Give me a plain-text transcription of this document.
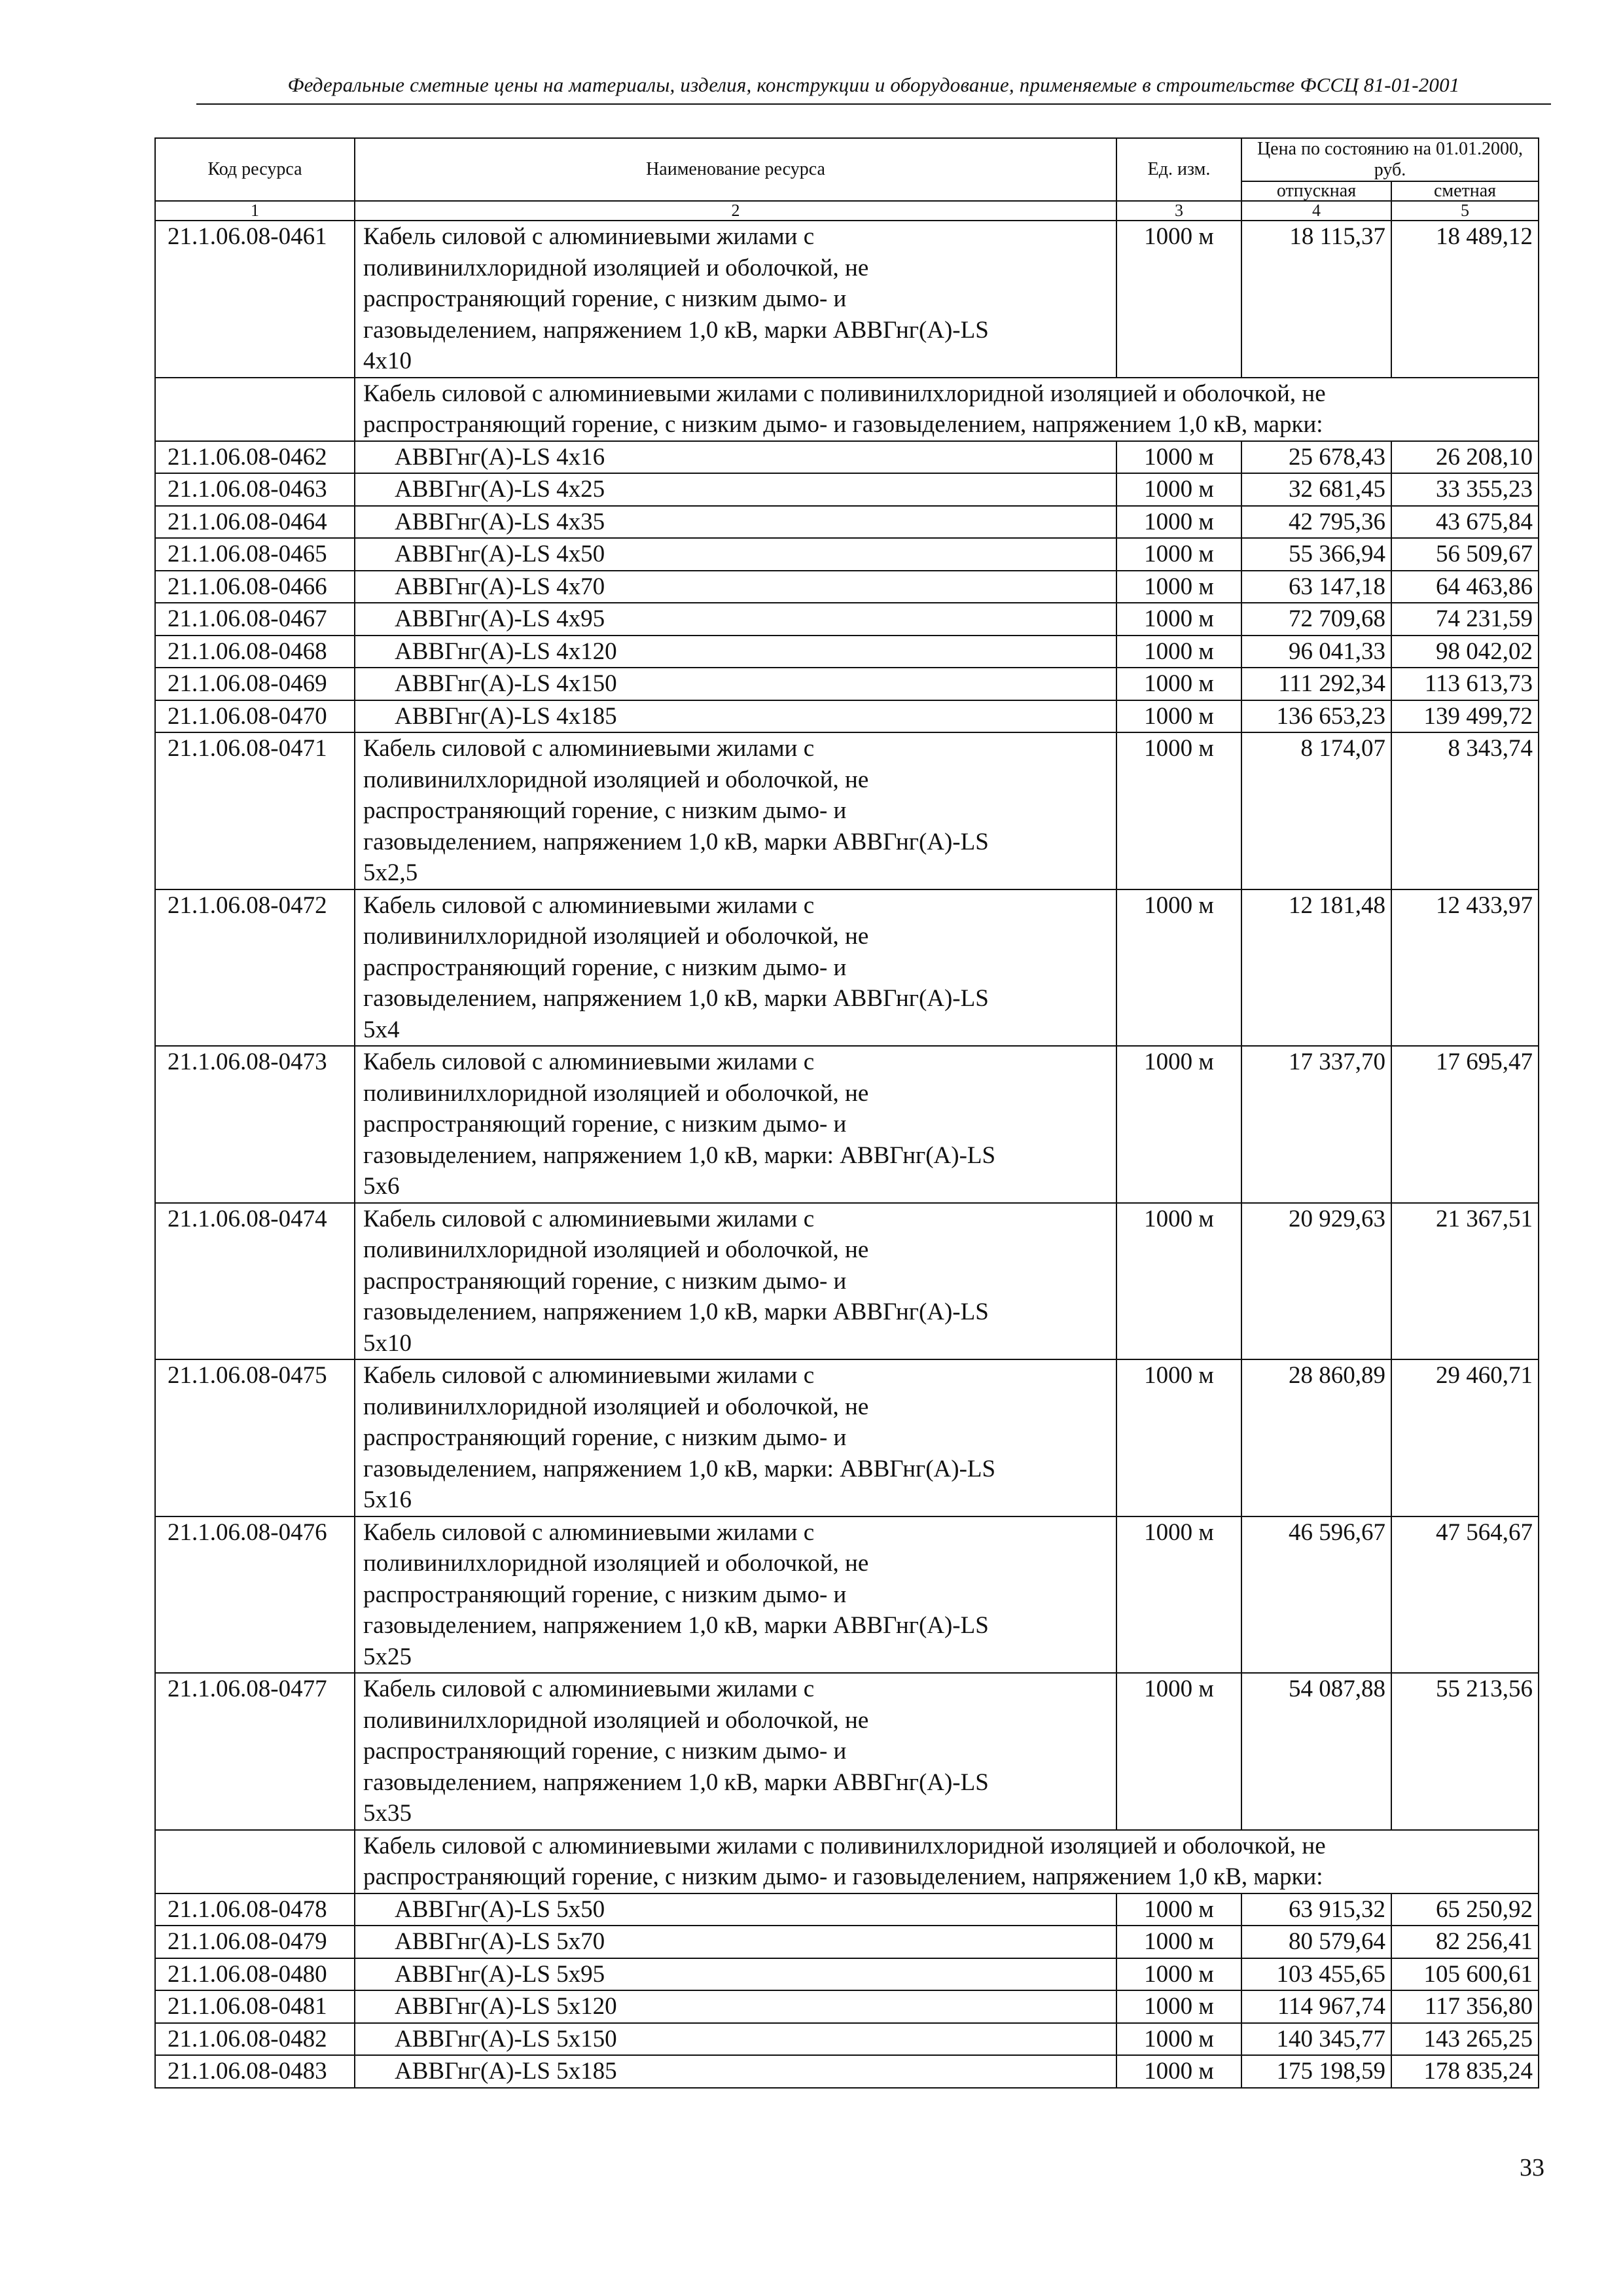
Федеральные сметные цены на материалы, изделия, конструкции и оборудование, применяемые в строительстве ФССЦ 81-01-2001
Код ресурса	Наименование ресурса	Ед. изм.	Цена по состоянию на 01.01.2000, руб.	
			отпускная	сметная
1	2	3	4	5
21.1.06.08-0461	Кабель силовой с алюминиевыми жилами с
поливинилхлоридной изоляцией и оболочкой, не
распространяющий горение, с низким дымо- и
газовыделением, напряжением 1,0 кВ, марки АВВГнг(А)-LS
4x10	1000 м	18 115,37	18 489,12

	Кабель силовой с алюминиевыми жилами с поливинилхлоридной изоляцией и оболочкой, не
распространяющий горение, с низким дымо- и газовыделением, напряжением 1,0 кВ, марки:			

21.1.06.08-0462	АВВГнг(А)-LS 4x16	1000 м	25 678,43	26 208,10
21.1.06.08-0463	АВВГнг(А)-LS 4x25	1000 м	32 681,45	33 355,23
21.1.06.08-0464	АВВГнг(А)-LS 4x35	1000 м	42 795,36	43 675,84
21.1.06.08-0465	АВВГнг(А)-LS 4x50	1000 м	55 366,94	56 509,67
21.1.06.08-0466	АВВГнг(А)-LS 4x70	1000 м	63 147,18	64 463,86
21.1.06.08-0467	АВВГнг(А)-LS 4x95	1000 м	72 709,68	74 231,59
21.1.06.08-0468	АВВГнг(А)-LS 4x120	1000 м	96 041,33	98 042,02
21.1.06.08-0469	АВВГнг(А)-LS 4x150	1000 м	111 292,34	113 613,73
21.1.06.08-0470	АВВГнг(А)-LS 4x185	1000 м	136 653,23	139 499,72
21.1.06.08-0471	Кабель силовой с алюминиевыми жилами с
поливинилхлоридной изоляцией и оболочкой, не
распространяющий горение, с низким дымо- и
газовыделением, напряжением 1,0 кВ, марки АВВГнг(А)-LS
5x2,5	1000 м	8 174,07	8 343,74
21.1.06.08-0472	Кабель силовой с алюминиевыми жилами с
поливинилхлоридной изоляцией и оболочкой, не
распространяющий горение, с низким дымо- и
газовыделением, напряжением 1,0 кВ, марки АВВГнг(А)-LS
5x4	1000 м	12 181,48	12 433,97
21.1.06.08-0473	Кабель силовой с алюминиевыми жилами с
поливинилхлоридной изоляцией и оболочкой, не
распространяющий горение, с низким дымо- и
газовыделением, напряжением 1,0 кВ, марки: АВВГнг(А)-LS
5x6	1000 м	17 337,70	17 695,47
21.1.06.08-0474	Кабель силовой с алюминиевыми жилами с
поливинилхлоридной изоляцией и оболочкой, не
распространяющий горение, с низким дымо- и
газовыделением, напряжением 1,0 кВ, марки АВВГнг(А)-LS
5x10	1000 м	20 929,63	21 367,51
21.1.06.08-0475	Кабель силовой с алюминиевыми жилами с
поливинилхлоридной изоляцией и оболочкой, не
распространяющий горение, с низким дымо- и
газовыделением, напряжением 1,0 кВ, марки: АВВГнг(А)-LS
5x16	1000 м	28 860,89	29 460,71
21.1.06.08-0476	Кабель силовой с алюминиевыми жилами с
поливинилхлоридной изоляцией и оболочкой, не
распространяющий горение, с низким дымо- и
газовыделением, напряжением 1,0 кВ, марки АВВГнг(А)-LS
5x25	1000 м	46 596,67	47 564,67
21.1.06.08-0477	Кабель силовой с алюминиевыми жилами с
поливинилхлоридной изоляцией и оболочкой, не
распространяющий горение, с низким дымо- и
газовыделением, напряжением 1,0 кВ, марки АВВГнг(А)-LS
5x35	1000 м	54 087,88	55 213,56

	Кабель силовой с алюминиевыми жилами с поливинилхлоридной изоляцией и оболочкой, не
распространяющий горение, с низким дымо- и газовыделением, напряжением 1,0 кВ, марки:			

21.1.06.08-0478	АВВГнг(А)-LS 5x50	1000 м	63 915,32	65 250,92
21.1.06.08-0479	АВВГнг(А)-LS 5x70	1000 м	80 579,64	82 256,41
21.1.06.08-0480	АВВГнг(А)-LS 5x95	1000 м	103 455,65	105 600,61
21.1.06.08-0481	АВВГнг(А)-LS 5x120	1000 м	114 967,74	117 356,80
21.1.06.08-0482	АВВГнг(А)-LS 5x150	1000 м	140 345,77	143 265,25
21.1.06.08-0483	АВВГнг(А)-LS 5x185	1000 м	175 198,59	178 835,24
33
